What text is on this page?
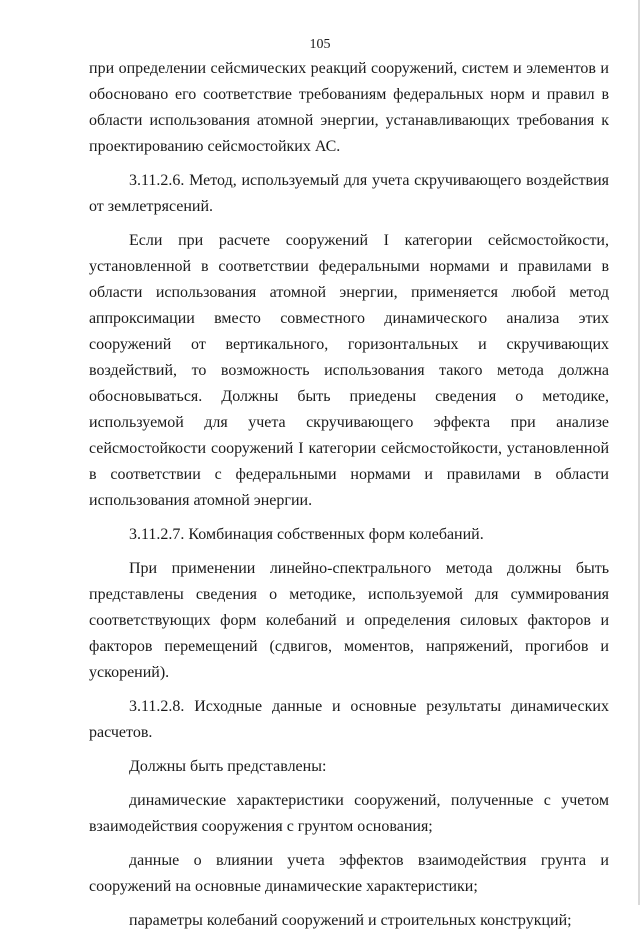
105

при определении сейсмических реакций сооружений, систем и элементов и обосновано его соответствие требованиям федеральных норм и правил в области использования атомной энергии, устанавливающих требования к проектированию сейсмостойких АС.

3.11.2.6. Метод, используемый для учета скручивающего воздействия от землетрясений.

Если при расчете сооружений I категории сейсмостойкости, установленной в соответствии федеральными нормами и правилами в области использования атомной энергии, применяется любой метод аппроксимации вместо совместного динамического анализа этих сооружений от вертикального, горизонтальных и скручивающих воздействий, то возможность использования такого метода должна обосновываться. Должны быть приедены сведения о методике, используемой для учета скручивающего эффекта при анализе сейсмостойкости сооружений I категории сейсмостойкости, установленной в соответствии с федеральными нормами и правилами в области использования атомной энергии.

3.11.2.7. Комбинация собственных форм колебаний.

При применении линейно-спектрального метода должны быть представлены сведения о методике, используемой для суммирования соответствующих форм колебаний и определения силовых факторов и факторов перемещений (сдвигов, моментов, напряжений, прогибов и ускорений).

3.11.2.8. Исходные данные и основные результаты динамических расчетов.

Должны быть представлены:

динамические характеристики сооружений, полученные с учетом взаимодействия сооружения с грунтом основания;

данные о влиянии учета эффектов взаимодействия грунта и сооружений на основные динамические характеристики;

параметры колебаний сооружений и строительных конструкций;
